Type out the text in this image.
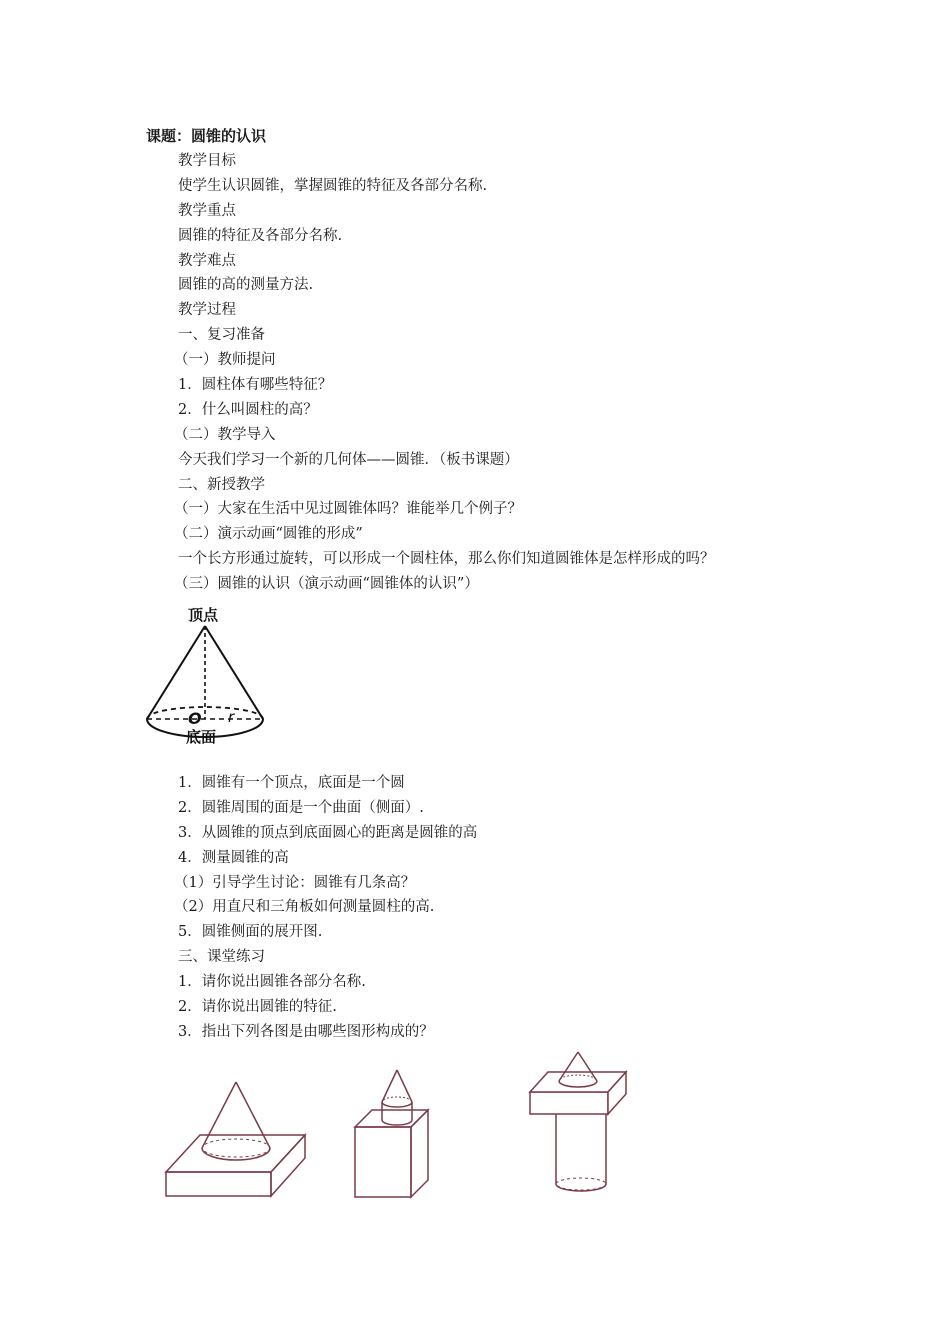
课题：圆锥的认识
教学目标
使学生认识圆锥，掌握圆锥的特征及各部分名称.
教学重点
圆锥的特征及各部分名称.
教学难点
圆锥的高的测量方法.
教学过程
一、复习准备
（一）教师提问
1．圆柱体有哪些特征？
2．什么叫圆柱的高？
（二）教学导入
今天我们学习一个新的几何体——圆锥．（板书课题）
二、新授教学
（一）大家在生活中见过圆锥体吗？谁能举几个例子？
（二）演示动画“圆锥的形成”
一个长方形通过旋转，可以形成一个圆柱体，那么你们知道圆锥体是怎样形成的吗？
（三）圆锥的认识（演示动画“圆锥体的认识”）
顶点
O r
底面
1．圆锥有一个顶点，底面是一个圆
2．圆锥周围的面是一个曲面（侧面）.
3．从圆锥的顶点到底面圆心的距离是圆锥的高
4．测量圆锥的高
（1）引导学生讨论：圆锥有几条高？
（2）用直尺和三角板如何测量圆柱的高.
5．圆锥侧面的展开图.
三、课堂练习
1．请你说出圆锥各部分名称.
2．请你说出圆锥的特征.
3．指出下列各图是由哪些图形构成的？
